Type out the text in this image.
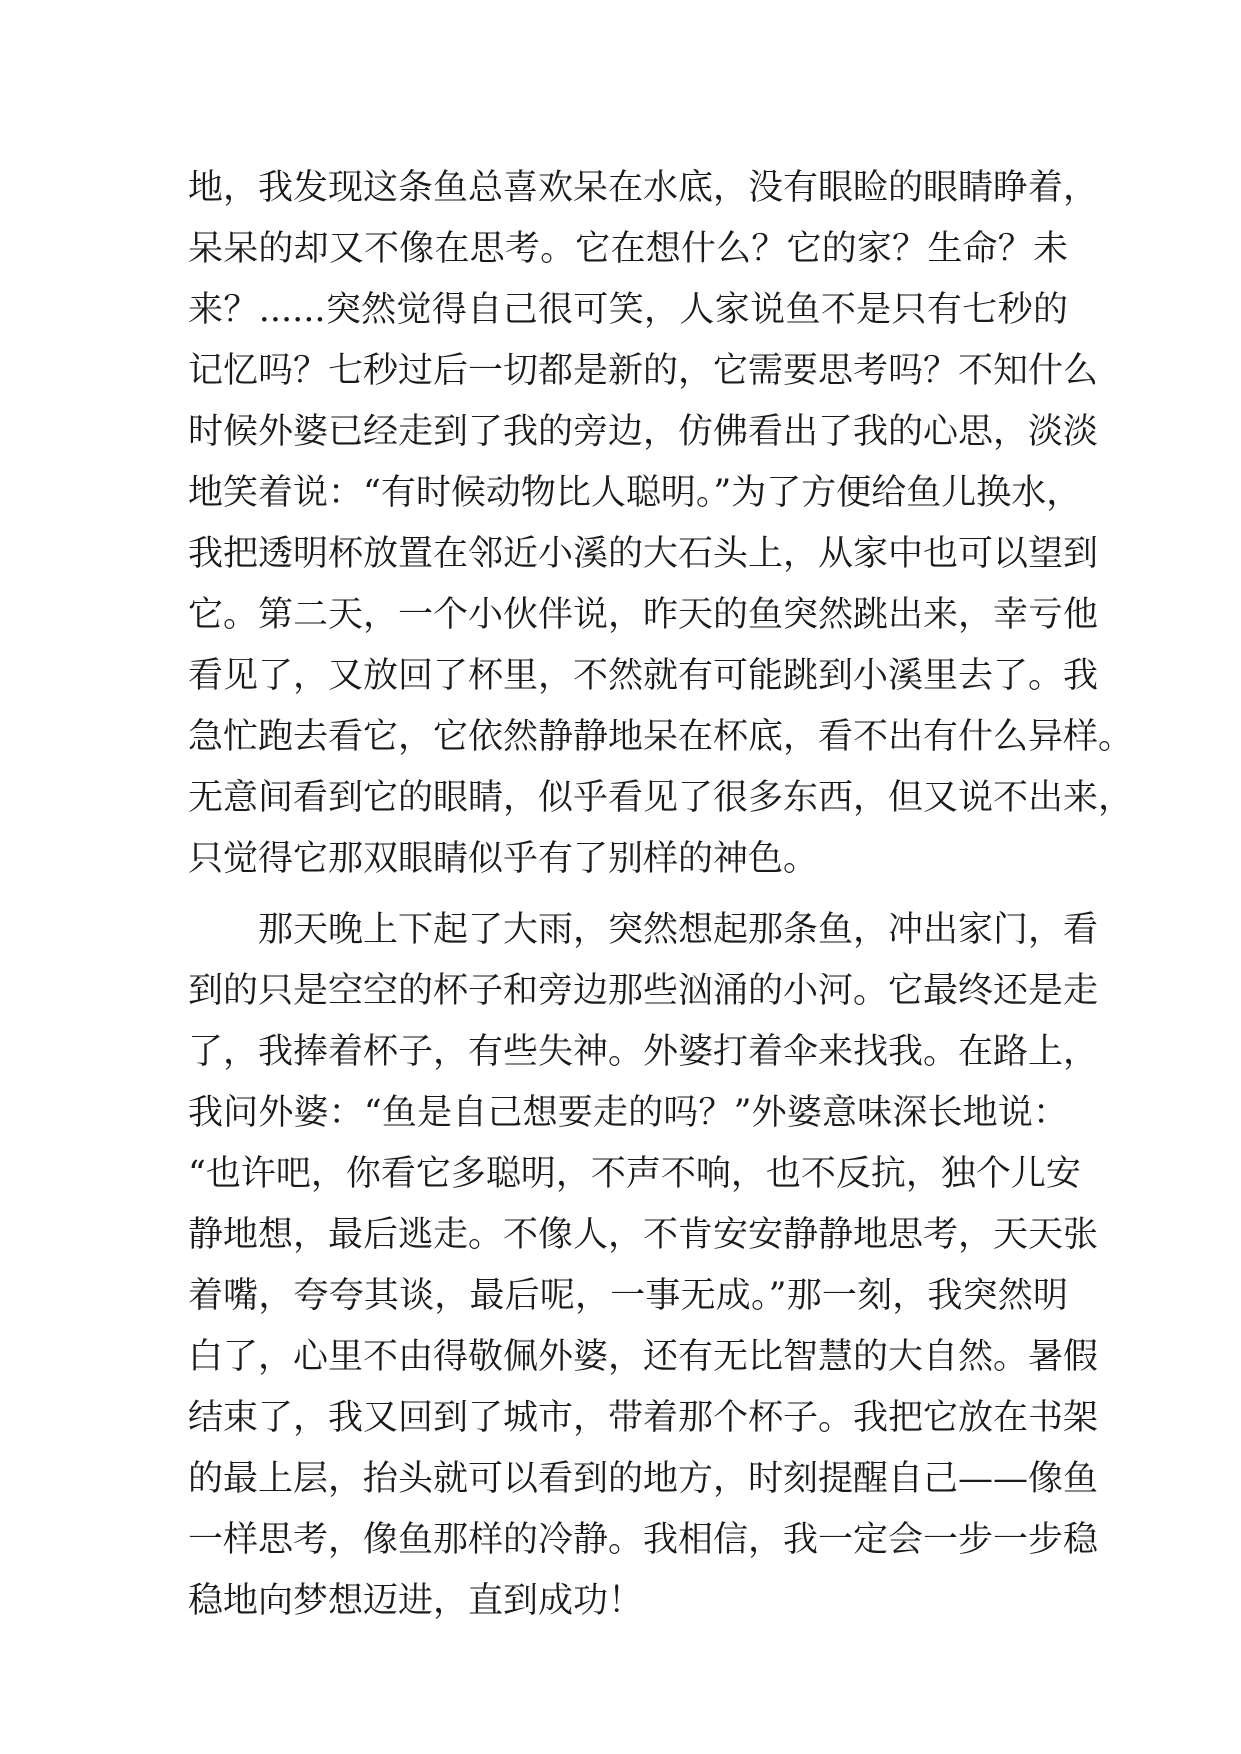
地，我发现这条鱼总喜欢呆在水底，没有眼睑的眼睛睁着，
呆呆的却又不像在思考。它在想什么？它的家？生命？未
来？......突然觉得自己很可笑，人家说鱼不是只有七秒的
记忆吗？七秒过后一切都是新的，它需要思考吗？不知什么
时候外婆已经走到了我的旁边，仿佛看出了我的心思，淡淡
地笑着说：“有时候动物比人聪明。”为了方便给鱼儿换水，
我把透明杯放置在邻近小溪的大石头上，从家中也可以望到
它。第二天，一个小伙伴说，昨天的鱼突然跳出来，幸亏他
看见了，又放回了杯里，不然就有可能跳到小溪里去了。我
急忙跑去看它，它依然静静地呆在杯底，看不出有什么异样。
无意间看到它的眼睛，似乎看见了很多东西，但又说不出来，
只觉得它那双眼睛似乎有了别样的神色。
那天晚上下起了大雨，突然想起那条鱼，冲出家门，看
到的只是空空的杯子和旁边那些汹涌的小河。它最终还是走
了，我捧着杯子，有些失神。外婆打着伞来找我。在路上，
我问外婆：“鱼是自己想要走的吗？”外婆意味深长地说：
“也许吧，你看它多聪明，不声不响，也不反抗，独个儿安
静地想，最后逃走。不像人，不肯安安静静地思考，天天张
着嘴，夸夸其谈，最后呢，一事无成。”那一刻，我突然明
白了，心里不由得敬佩外婆，还有无比智慧的大自然。暑假
结束了，我又回到了城市，带着那个杯子。我把它放在书架
的最上层，抬头就可以看到的地方，时刻提醒自己——像鱼
一样思考，像鱼那样的冷静。我相信，我一定会一步一步稳
稳地向梦想迈进，直到成功！
